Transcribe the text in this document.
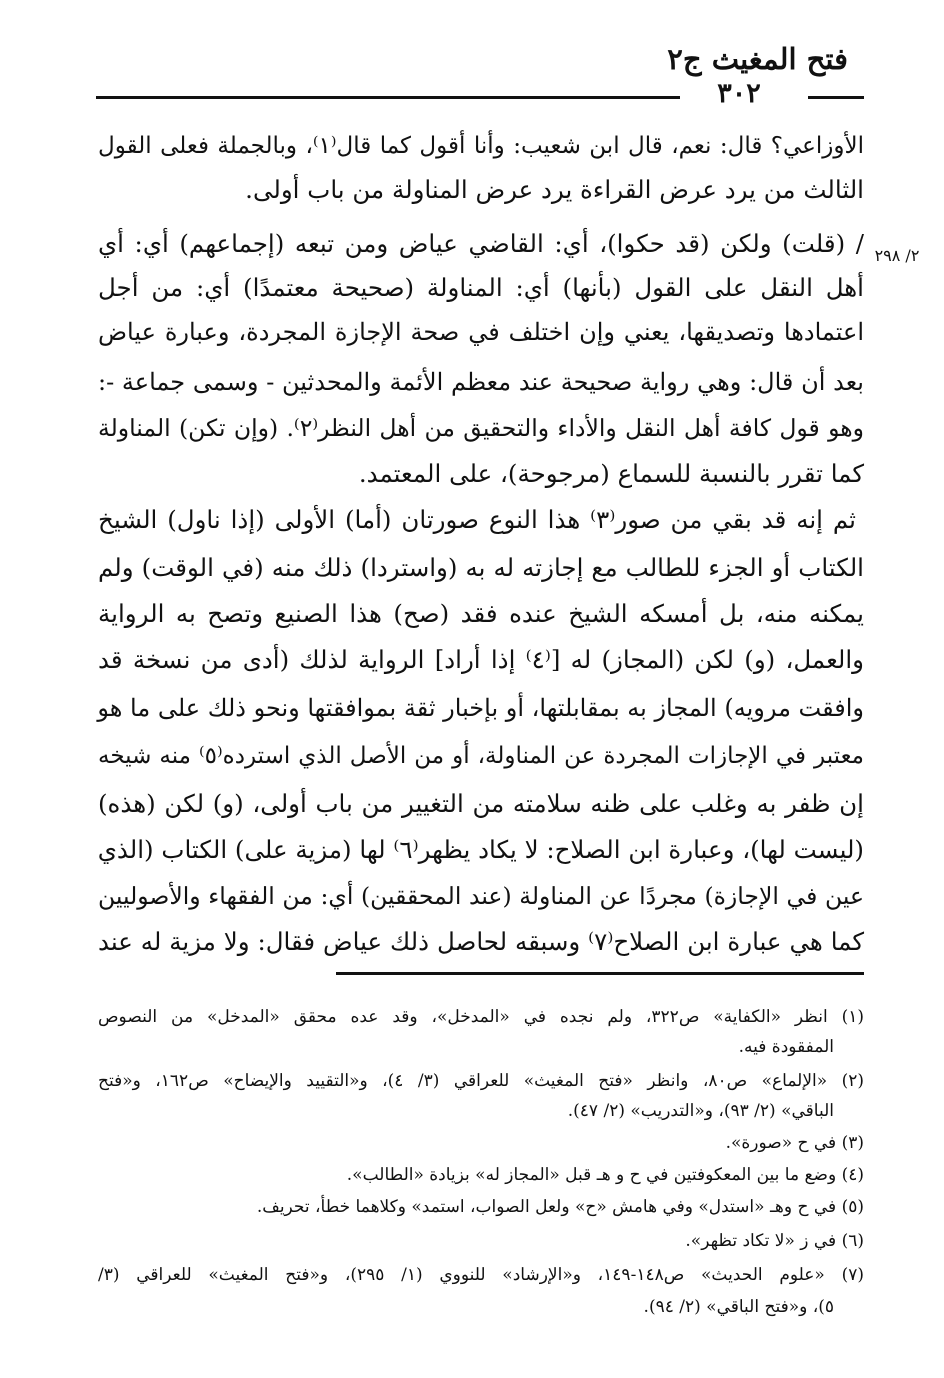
فتح المغيث ج٢
٣٠٢
٢/ ٢٩٨
الأوزاعي؟ قال: نعم، قال ابن شعيب: وأنا أقول كما قال⁽١⁾، وبالجملة فعلى القول
الثالث من يرد عرض القراءة يرد عرض المناولة من باب أولى.
/ (قلت) ولكن (قد حكوا)، أي: القاضي عياض ومن تبعه (إجماعهم) أي: أي
أهل النقل على القول (بأنها) أي: المناولة (صحيحة معتمدًا) أي: من أجل
اعتمادها وتصديقها، يعني وإن اختلف في صحة الإجازة المجردة، وعبارة عياض
بعد أن قال: وهي رواية صحيحة عند معظم الأئمة والمحدثين - وسمى جماعة -:
وهو قول كافة أهل النقل والأداء والتحقيق من أهل النظر⁽٢⁾. (وإن تكن) المناولة
كما تقرر بالنسبة للسماع (مرجوحة)، على المعتمد.
ثم إنه قد بقي من صور⁽٣⁾ هذا النوع صورتان (أما) الأولى (إذا ناول) الشيخ
الكتاب أو الجزء للطالب مع إجازته له به (واستردا) ذلك منه (في الوقت) ولم
يمكنه منه، بل أمسكه الشيخ عنده فقد (صح) هذا الصنيع وتصح به الرواية
والعمل، (و) لكن (المجاز) له [⁽٤⁾ إذا أراد] الرواية لذلك (أدى من نسخة قد
وافقت مرويه) المجاز به بمقابلتها، أو بإخبار ثقة بموافقتها ونحو ذلك على ما هو
معتبر في الإجازات المجردة عن المناولة، أو من الأصل الذي استرده⁽٥⁾ منه شيخه
إن ظفر به وغلب على ظنه سلامته من التغيير من باب أولى، (و) لكن (هذه)
(ليست لها)، وعبارة ابن الصلاح: لا يكاد يظهر⁽٦⁾ لها (مزية على) الكتاب (الذي
عين في الإجازة) مجردًا عن المناولة (عند المحققين) أي: من الفقهاء والأصوليين
كما هي عبارة ابن الصلاح⁽٧⁾ وسبقه لحاصل ذلك عياض فقال: ولا مزية له عند
(١) انظر «الكفاية» ص٣٢٢، ولم نجده في «المدخل»، وقد عده محقق «المدخل» من النصوص
المفقودة فيه.
(٢) «الإلماع» ص٨٠، وانظر «فتح المغيث» للعراقي (٣/ ٤)، و«التقييد والإيضاح» ص١٦٢، و«فتح
الباقي» (٢/ ٩٣)، و«التدريب» (٢/ ٤٧).
(٣) في ح «صورة».
(٤) وضع ما بين المعكوفتين في ح و هـ قبل «المجاز له» بزيادة «الطالب».
(٥) في ح وهـ «استدل» وفي هامش «ح» ولعل الصواب، استمد» وكلاهما خطأ، تحريف.
(٦) في ز «لا تكاد تظهر».
(٧) «علوم الحديث» ص١٤٨-١٤٩، و«الإرشاد» للنووي (١/ ٢٩٥)، و«فتح المغيث» للعراقي (٣/
٥)، و«فتح الباقي» (٢/ ٩٤).
